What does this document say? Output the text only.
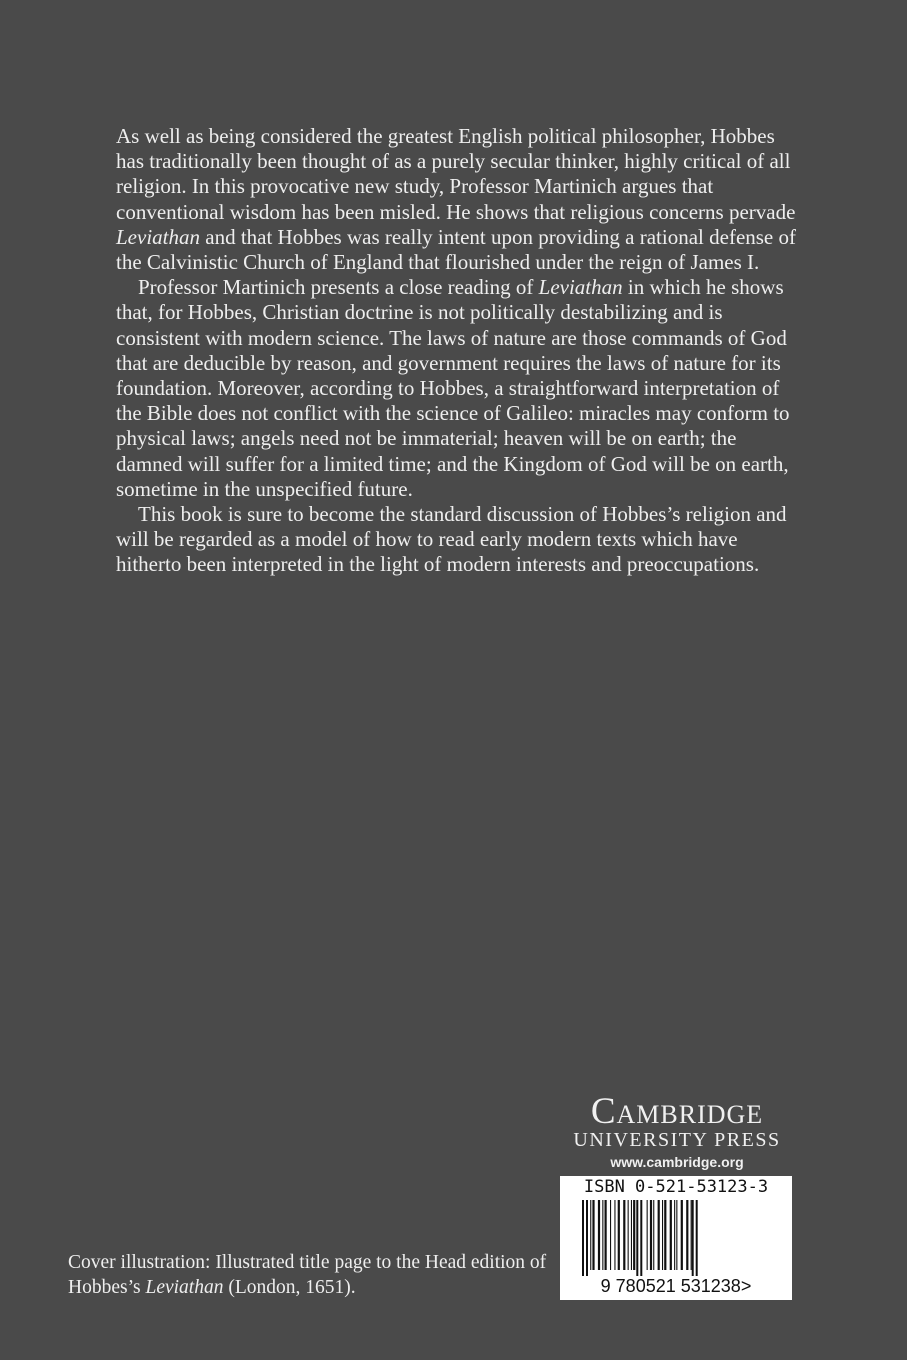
As well as being considered the greatest English political philosopher, Hobbes has traditionally been thought of as a purely secular thinker, highly critical of all religion. In this provocative new study, Professor Martinich argues that conventional wisdom has been misled. He shows that religious concerns pervade Leviathan and that Hobbes was really intent upon providing a rational defense of the Calvinistic Church of England that flourished under the reign of James I.

Professor Martinich presents a close reading of Leviathan in which he shows that, for Hobbes, Christian doctrine is not politically destabilizing and is consistent with modern science. The laws of nature are those commands of God that are deducible by reason, and government requires the laws of nature for its foundation. Moreover, according to Hobbes, a straightforward interpretation of the Bible does not conflict with the science of Galileo: miracles may conform to physical laws; angels need not be immaterial; heaven will be on earth; the damned will suffer for a limited time; and the Kingdom of God will be on earth, sometime in the unspecified future.

This book is sure to become the standard discussion of Hobbes’s religion and will be regarded as a model of how to read early modern texts which have hitherto been interpreted in the light of modern interests and preoccupations.

Cambridge
UNIVERSITY PRESS
www.cambridge.org
ISBN 0-521-53123-3
9 780521 531238>
Cover illustration: Illustrated title page to the Head edition of Hobbes’s Leviathan (London, 1651).
